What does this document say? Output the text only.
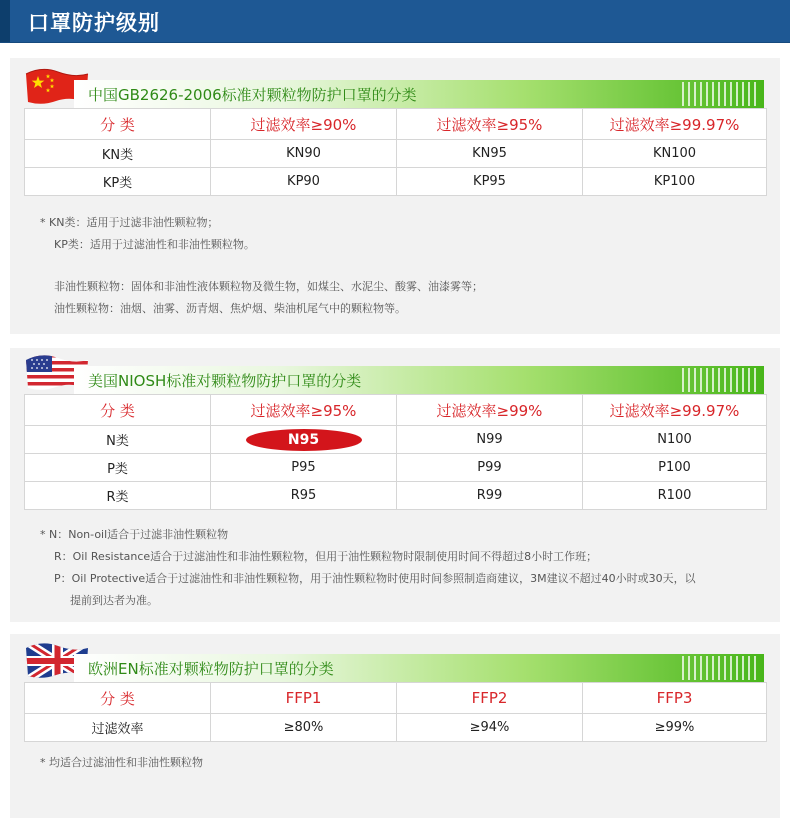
口罩防护级别
中国GB2626-2006标准对颗粒物防护口罩的分类
分 类	过滤效率≥90%	过滤效率≥95%	过滤效率≥99.97%
KN类	KN90	KN95	KN100
KP类	KP90	KP95	KP100
* KN类：适用于过滤非油性颗粒物；
KP类：适用于过滤油性和非油性颗粒物。
非油性颗粒物：固体和非油性液体颗粒物及微生物，如煤尘、水泥尘、酸雾、油漆雾等；
油性颗粒物：油烟、油雾、沥青烟、焦炉烟、柴油机尾气中的颗粒物等。
美国NIOSH标准对颗粒物防护口罩的分类
分 类	过滤效率≥95%	过滤效率≥99%	过滤效率≥99.97%
N类	N95	N99	N100
P类	P95	P99	P100
R类	R95	R99	R100
* N：Non-oil适合于过滤非油性颗粒物
R：Oil Resistance适合于过滤油性和非油性颗粒物，但用于油性颗粒物时限制使用时间不得超过8小时工作班；
P：Oil Protective适合于过滤油性和非油性颗粒物，用于油性颗粒物时使用时间参照制造商建议，3M建议不超过40小时或30天，以
提前到达者为准。
欧洲EN标准对颗粒物防护口罩的分类
分 类	FFP1	FFP2	FFP3
过滤效率	≥80%	≥94%	≥99%
* 均适合过滤油性和非油性颗粒物
